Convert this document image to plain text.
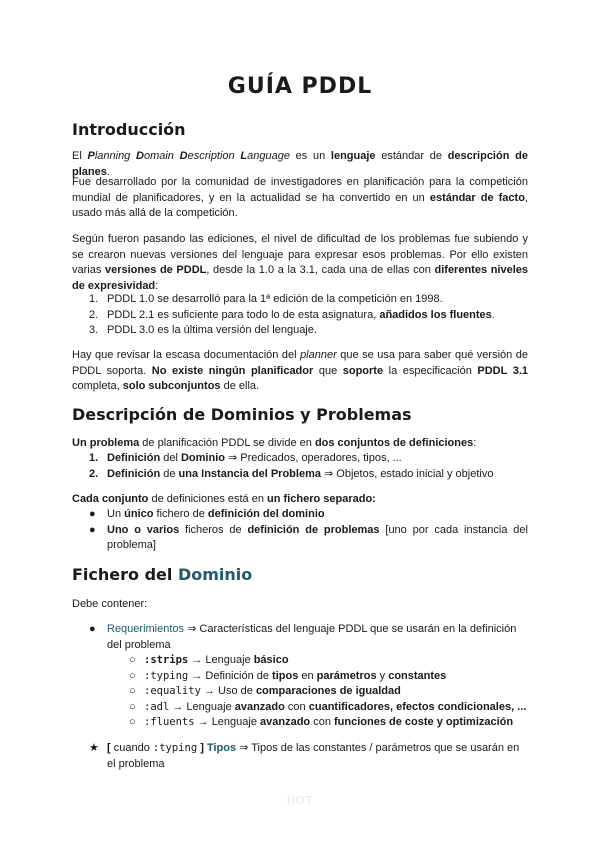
GUÍA PDDL
Introducción

El Planning Domain Description Language es un lenguaje estándar de descripción de planes.

Fue desarrollado por la comunidad de investigadores en planificación para la competición mundial de planificadores, y en la actualidad se ha convertido en un estándar de facto, usado más allá de la competición.

Según fueron pasando las ediciones, el nivel de dificultad de los problemas fue subiendo y se crearon nuevas versiones del lenguaje para expresar esos problemas. Por ello existen varias versiones de PDDL, desde la 1.0 a la 3.1, cada una de ellas con diferentes niveles de expresividad:

1. PDDL 1.0 se desarrolló para la 1ª edición de la competición en 1998.
2. PDDL 2.1 es suficiente para todo lo de esta asignatura, añadidos los fluentes.
3. PDDL 3.0 es la última versión del lenguaje.

Hay que revisar la escasa documentación del planner que se usa para saber qué versión de PDDL soporta. No existe ningún planificador que soporte la especificación PDDL 3.1 completa, solo subconjuntos de ella.

Descripción de Dominios y Problemas

Un problema de planificación PDDL se divide en dos conjuntos de definiciones:

1. Definición del Dominio ⇒ Predicados, operadores, tipos, ...
2. Definición de una Instancia del Problema ⇒ Objetos, estado inicial y objetivo

Cada conjunto de definiciones está en un fichero separado:

● Un único fichero de definición del dominio
● Uno o varios ficheros de definición de problemas [uno por cada instancia del problema]
Fichero del Dominio

Debe contener:

● Requerimientos ⇒ Características del lenguaje PDDL que se usarán en la definición del problema
○ :strips → Lenguaje básico
○ :typing → Definición de tipos en parámetros y constantes
○ :equality → Uso de comparaciones de igualdad
○ :adl → Lenguaje avanzado con cuantificadores, efectos condicionales, ...
○ :fluents → Lenguaje avanzado con funciones de coste y optimización
★ [ cuando :typing ] Tipos ⇒ Tipos de las constantes / parámetros que se usarán en el problema
HOT
